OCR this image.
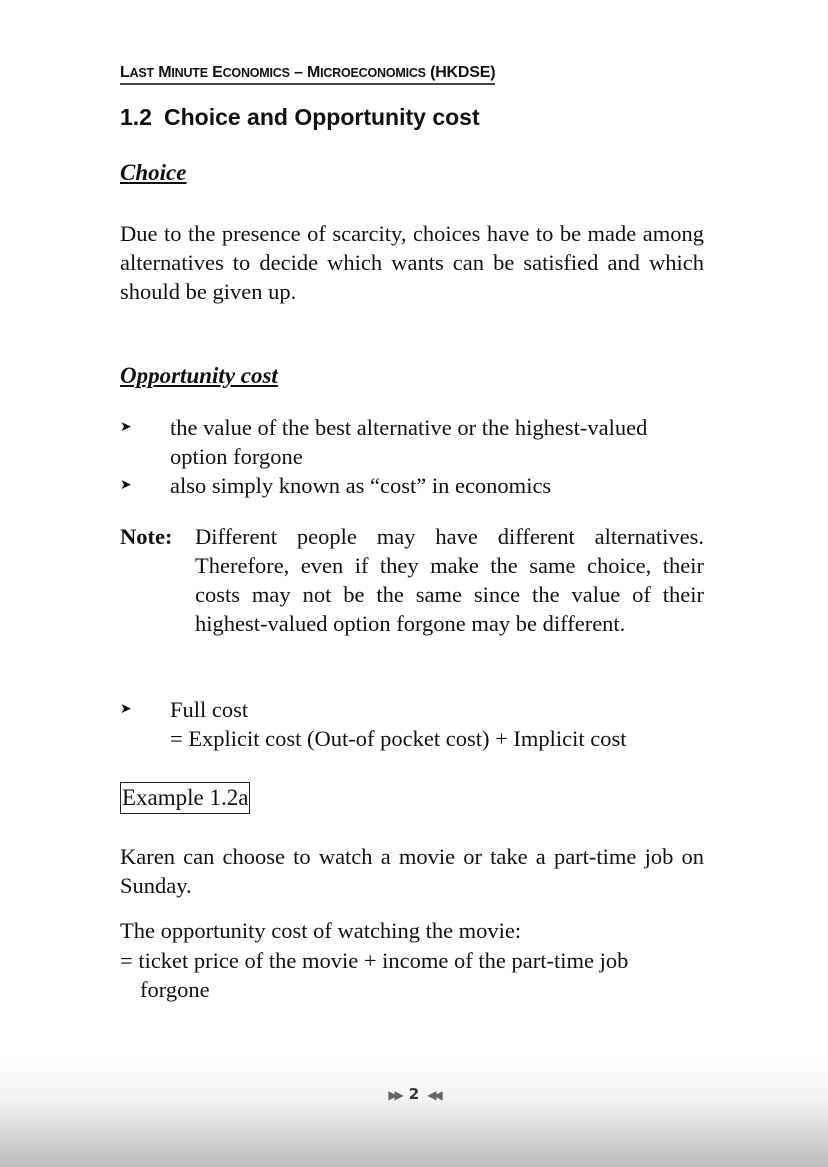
LAST MINUTE ECONOMICS – MICROECONOMICS (HKDSE)
1.2 Choice and Opportunity cost
Choice

Due to the presence of scarcity, choices have to be made among alternatives to decide which wants can be satisfied and which should be given up.

Opportunity cost
➤ the value of the best alternative or the highest-valued option forgone
➤ also simply known as “cost” in economics
Note: Different people may have different alternatives. Therefore, even if they make the same choice, their costs may not be the same since the value of their highest-valued option forgone may be different.
➤ Full cost
= Explicit cost (Out-of pocket cost) + Implicit cost
Example 1.2a

Karen can choose to watch a movie or take a part-time job on Sunday.

The opportunity cost of watching the movie:
= ticket price of the movie + income of the part-time job
forgone
▶▶ 2 ◀◀
